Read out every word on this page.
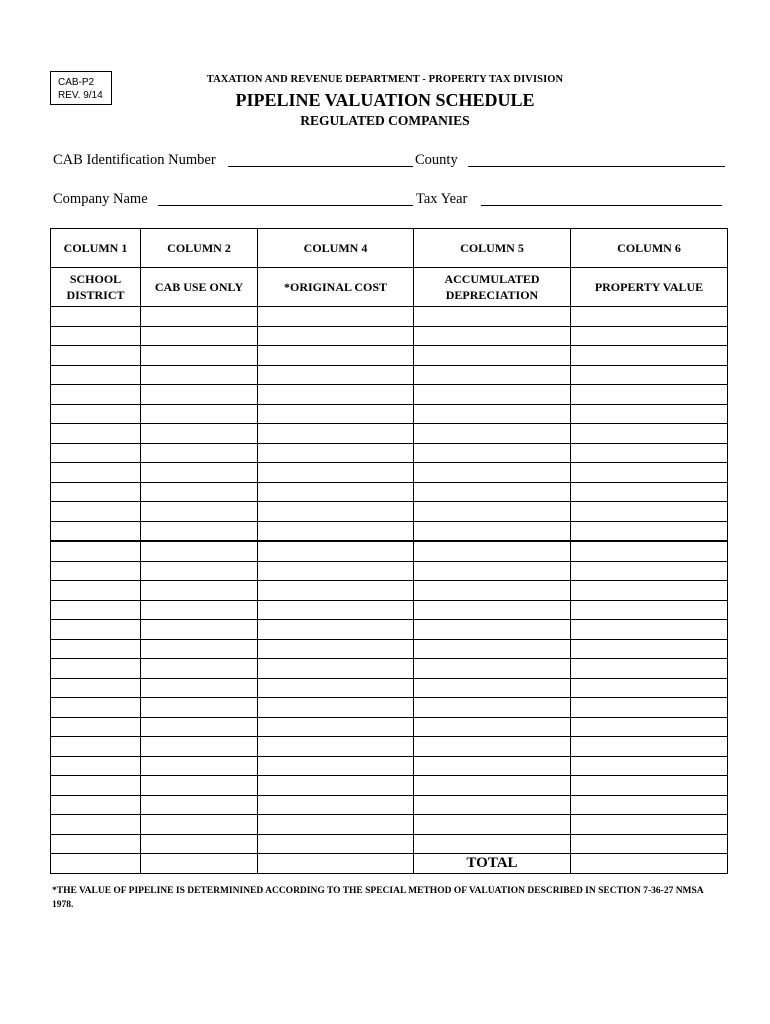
CAB-P2
REV. 9/14
TAXATION AND REVENUE DEPARTMENT - PROPERTY TAX DIVISION
PIPELINE VALUATION SCHEDULE
REGULATED COMPANIES
CAB Identification Number	County
Company Name	Tax Year
COLUMN 1	COLUMN 2	COLUMN 4	COLUMN 5	COLUMN 6
SCHOOL DISTRICT	CAB USE ONLY	*ORIGINAL COST	ACCUMULATED DEPRECIATION	PROPERTY VALUE

			TOTAL	
*THE VALUE OF PIPELINE IS DETERMININED ACCORDING TO THE SPECIAL METHOD OF VALUATION DESCRIBED IN SECTION 7-36-27 NMSA 1978.
